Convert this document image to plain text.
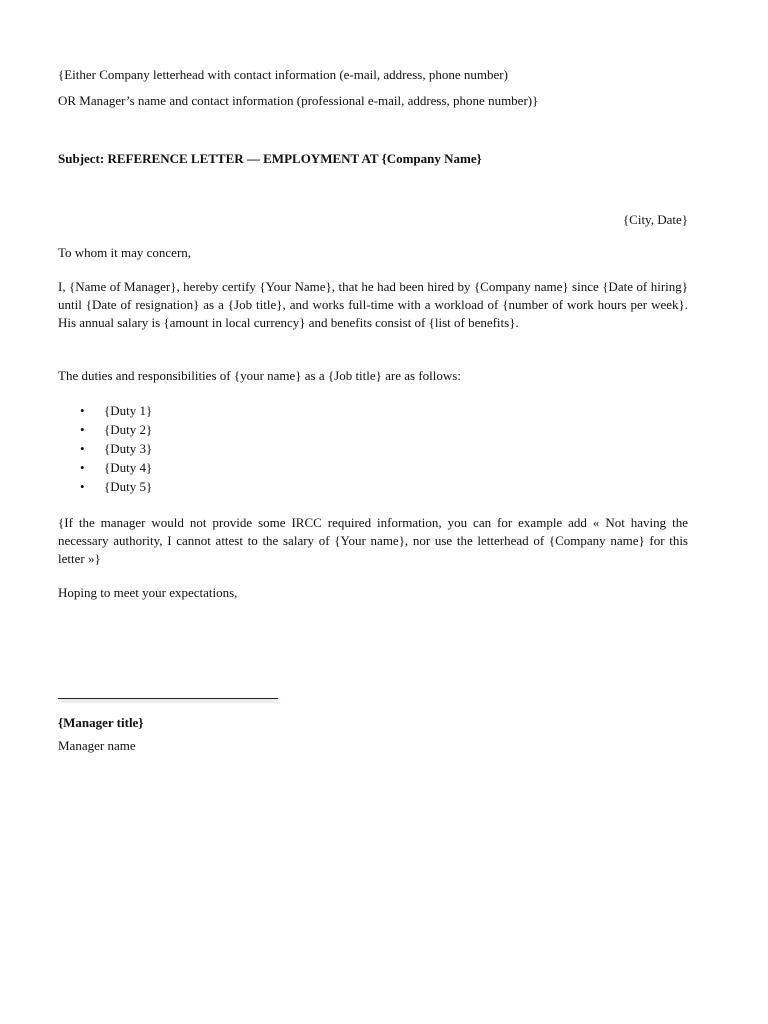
{Either Company letterhead with contact information (e-mail, address, phone number)
OR Manager’s name and contact information (professional e-mail, address, phone number)}
Subject: REFERENCE LETTER — EMPLOYMENT AT {Company Name}
{City, Date}
To whom it may concern,
I, {Name of Manager}, hereby certify {Your Name}, that he had been hired by {Company name} since {Date of hiring} until {Date of resignation} as a {Job title}, and works full-time with a workload of {number of work hours per week}. His annual salary is {amount in local currency} and benefits consist of {list of benefits}.
The duties and responsibilities of {your name} as a {Job title} are as follows:
• {Duty 1}
• {Duty 2}
• {Duty 3}
• {Duty 4}
• {Duty 5}
{If the manager would not provide some IRCC required information, you can for example add « Not having the necessary authority, I cannot attest to the salary of {Your name}, nor use the letterhead of {Company name} for this letter »}
Hoping to meet your expectations,
{Manager title}
Manager name
